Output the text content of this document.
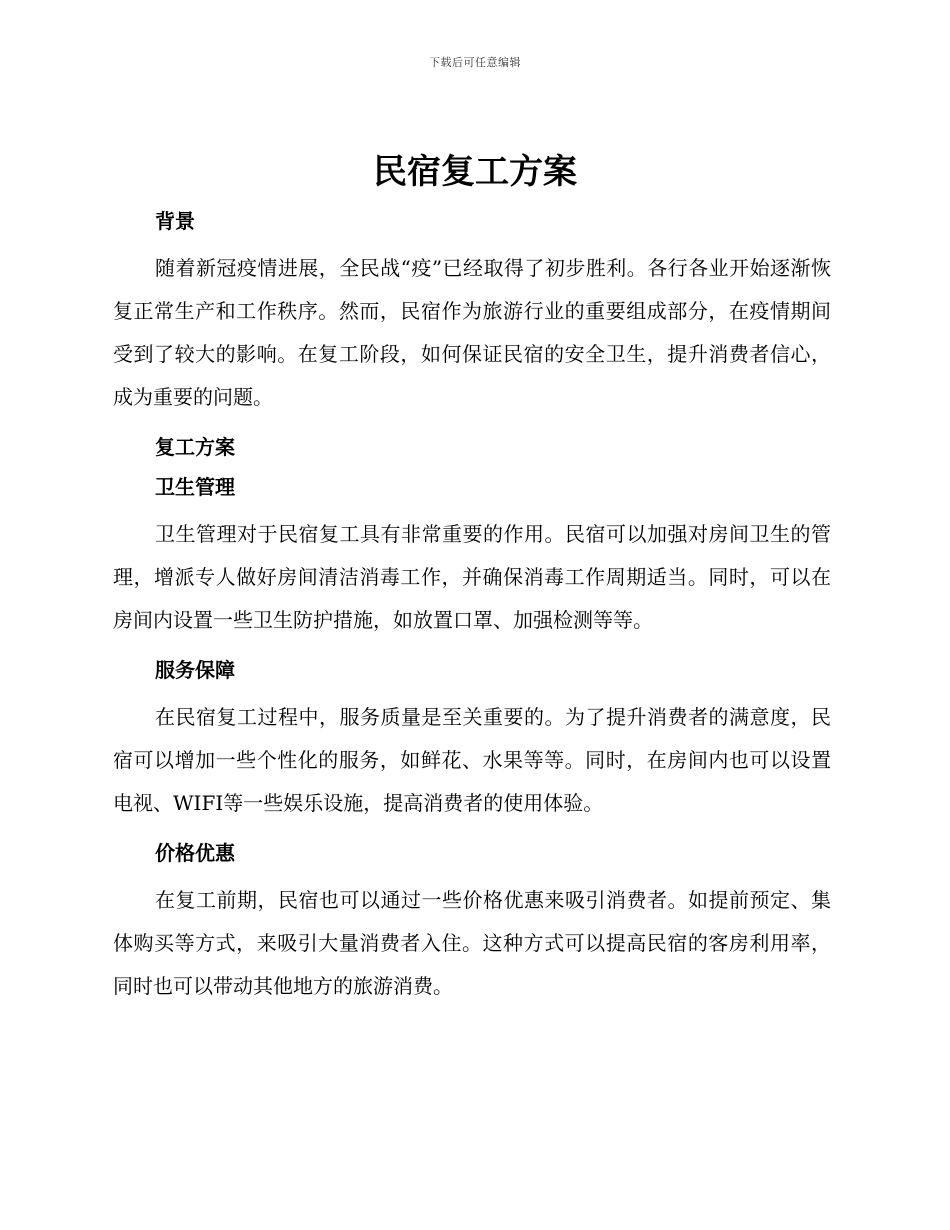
下载后可任意编辑
民宿复工方案
背景

随着新冠疫情进展，全民战“疫”已经取得了初步胜利。各行各业开始逐渐恢复正常生产和工作秩序。然而，民宿作为旅游行业的重要组成部分，在疫情期间受到了较大的影响。在复工阶段，如何保证民宿的安全卫生，提升消费者信心，成为重要的问题。

复工方案
卫生管理

卫生管理对于民宿复工具有非常重要的作用。民宿可以加强对房间卫生的管理，增派专人做好房间清洁消毒工作，并确保消毒工作周期适当。同时，可以在房间内设置一些卫生防护措施，如放置口罩、加强检测等等。

服务保障

在民宿复工过程中，服务质量是至关重要的。为了提升消费者的满意度，民宿可以增加一些个性化的服务，如鲜花、水果等等。同时，在房间内也可以设置电视、WIFI等一些娱乐设施，提高消费者的使用体验。

价格优惠

在复工前期，民宿也可以通过一些价格优惠来吸引消费者。如提前预定、集体购买等方式，来吸引大量消费者入住。这种方式可以提高民宿的客房利用率，同时也可以带动其他地方的旅游消费。
